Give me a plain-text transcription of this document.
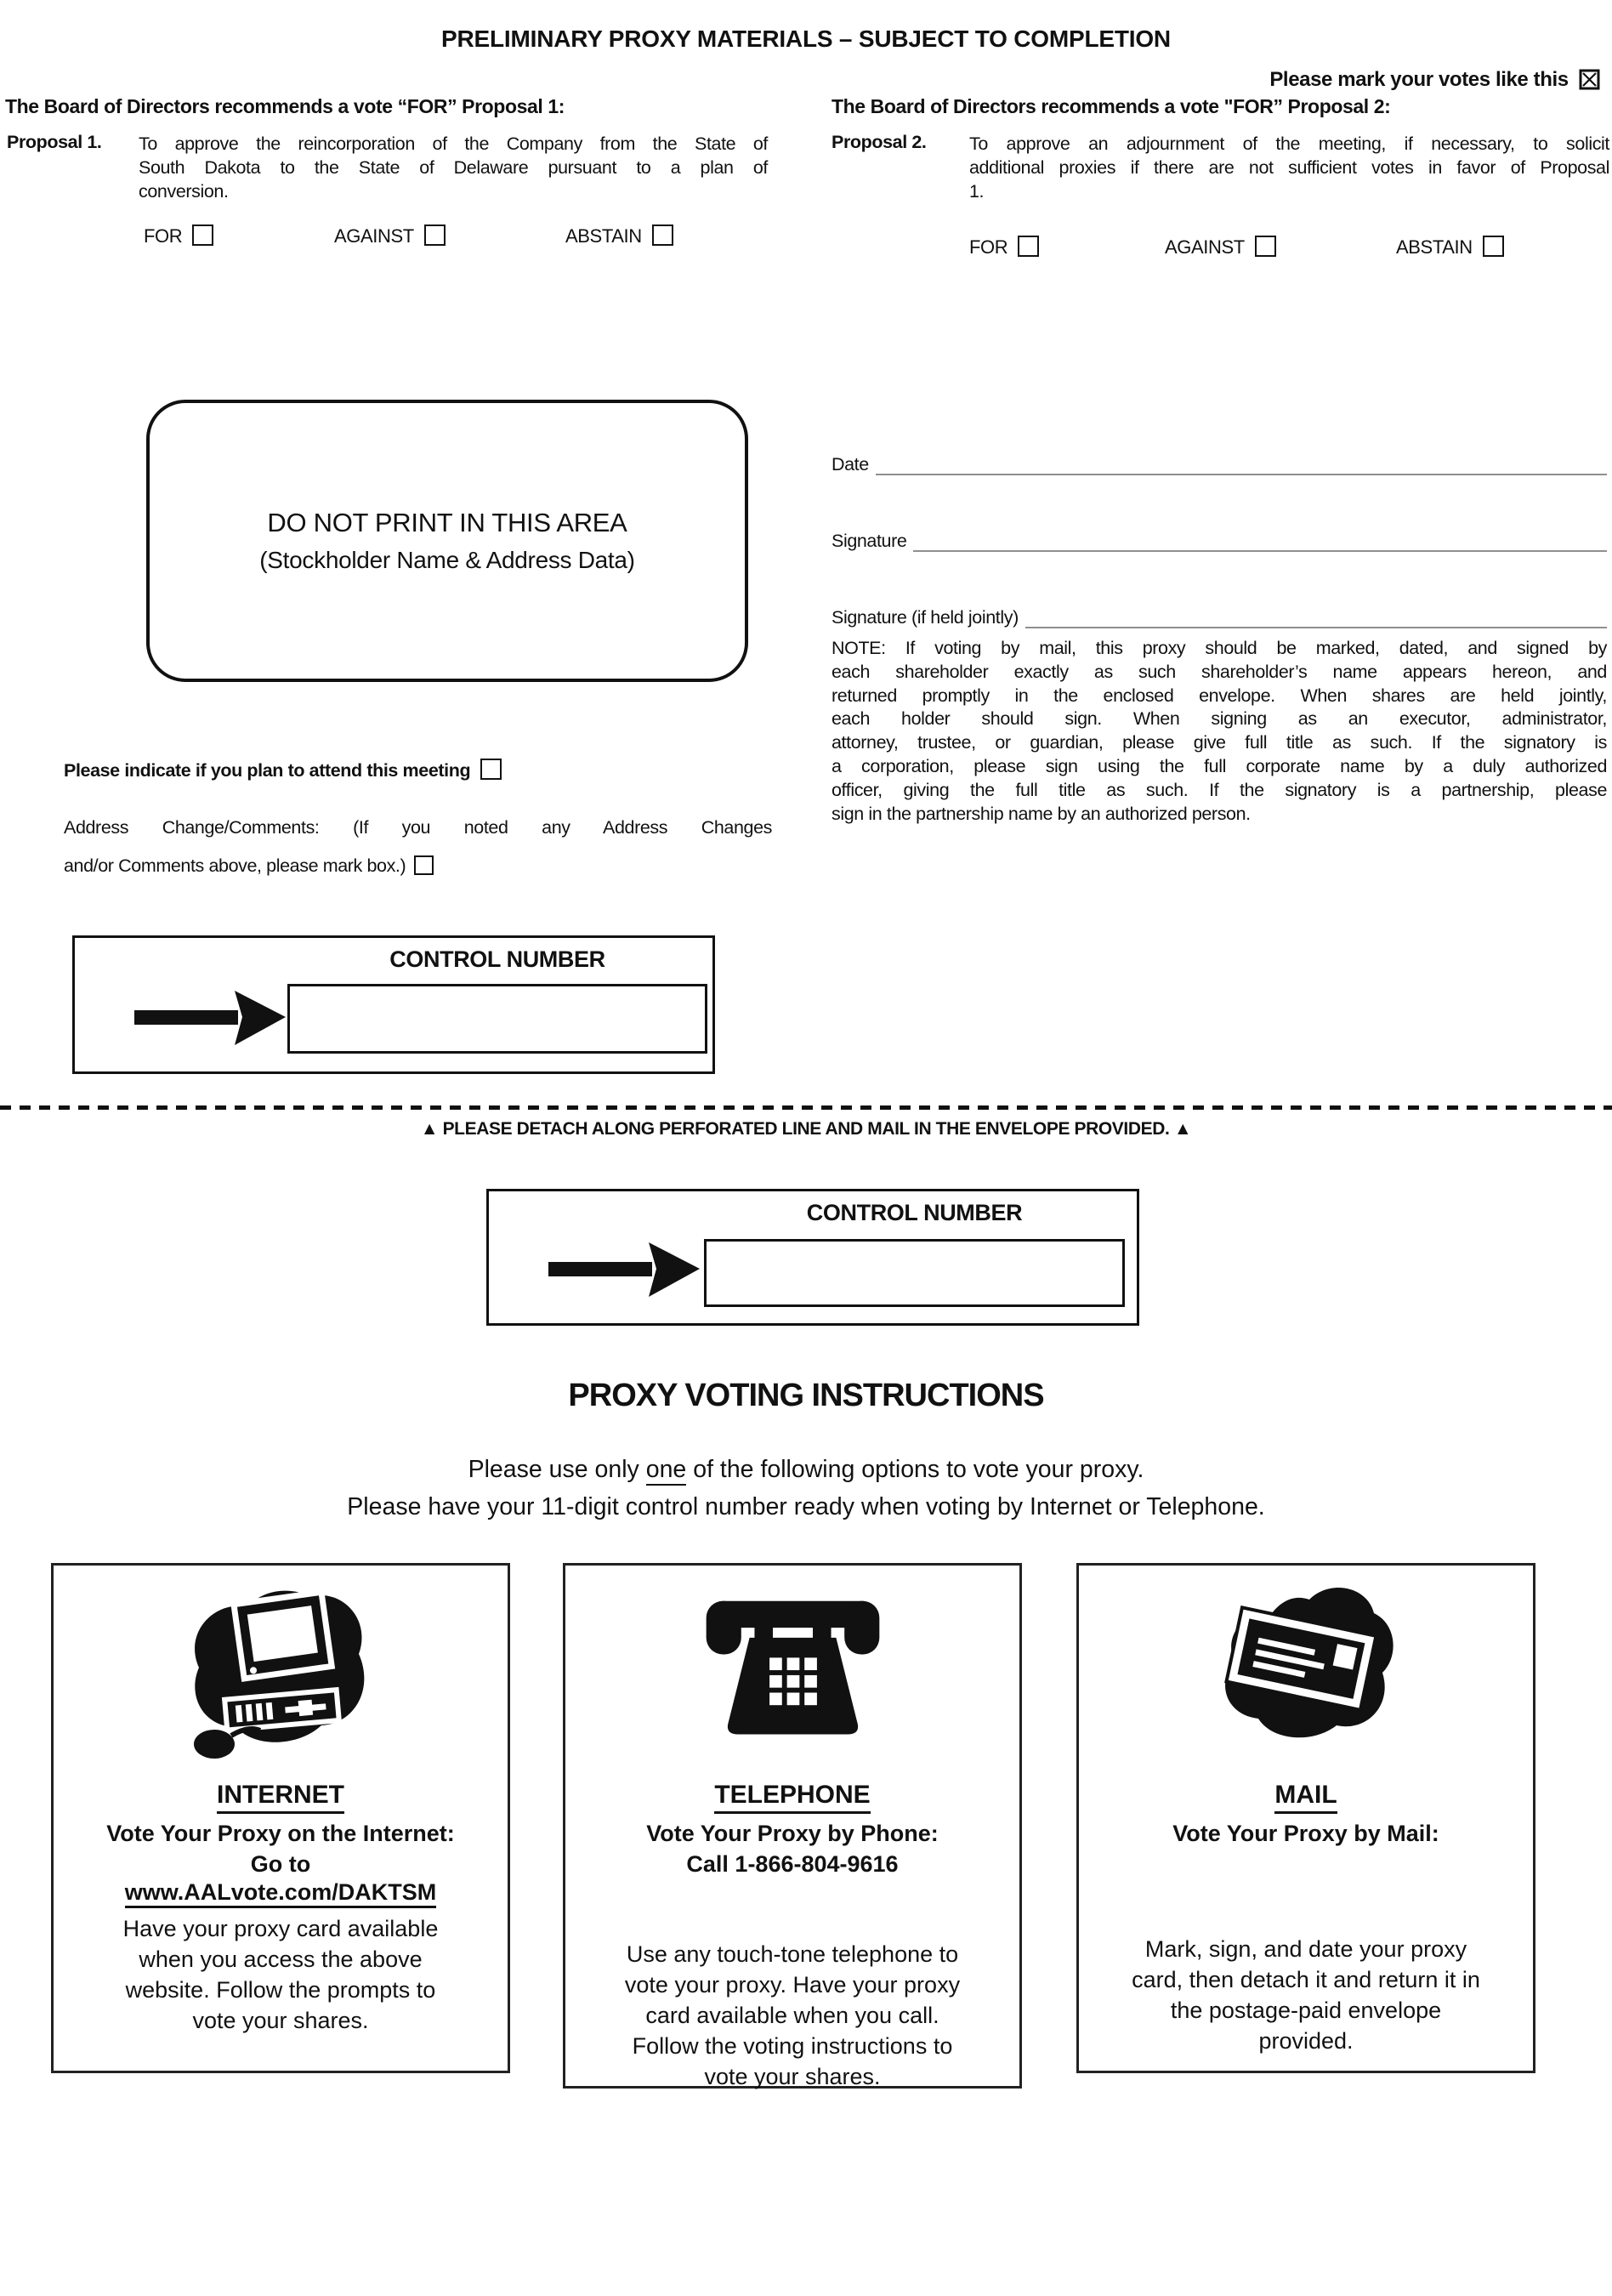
PRELIMINARY PROXY MATERIALS – SUBJECT TO COMPLETION
Please mark your votes like this
The Board of Directors recommends a vote “FOR” Proposal 1:	The Board of Directors recommends a vote "FOR” Proposal 2:
Proposal 1. To approve the reincorporation of the Company from the State of
South Dakota to the State of Delaware pursuant to a plan of
conversion.
FOR	AGAINST	ABSTAIN
Proposal 2. To approve an adjournment of the meeting, if necessary, to solicit
additional proxies if there are not sufficient votes in favor of Proposal
1.
FOR	AGAINST	ABSTAIN
DO NOT PRINT IN THIS AREA
(Stockholder Name & Address Data)
Date
Signature
Signature (if held jointly)
NOTE: If voting by mail, this proxy should be marked, dated, and signed by
each shareholder exactly as such shareholder’s name appears hereon, and
returned promptly in the enclosed envelope. When shares are held jointly,
each holder should sign. When signing as an executor, administrator,
attorney, trustee, or guardian, please give full title as such. If the signatory is
a corporation, please sign using the full corporate name by a duly authorized
officer, giving the full title as such. If the signatory is a partnership, please
sign in the partnership name by an authorized person.
Please indicate if you plan to attend this meeting
Address Change/Comments: (If you noted any Address Changes
and/or Comments above, please mark box.)
CONTROL NUMBER
▲ PLEASE DETACH ALONG PERFORATED LINE AND MAIL IN THE ENVELOPE PROVIDED. ▲
CONTROL NUMBER
PROXY VOTING INSTRUCTIONS
Please use only one of the following options to vote your proxy.
Please have your 11-digit control number ready when voting by Internet or Telephone.
INTERNET
Vote Your Proxy on the Internet:
Go to
www.AALvote.com/DAKTSM
Have your proxy card available
when you access the above
website. Follow the prompts to
vote your shares.
TELEPHONE
Vote Your Proxy by Phone:
Call 1-866-804-9616
Use any touch-tone telephone to
vote your proxy. Have your proxy
card available when you call.
Follow the voting instructions to
vote your shares.
MAIL
Vote Your Proxy by Mail:
Mark, sign, and date your proxy
card, then detach it and return it in
the postage-paid envelope
provided.
